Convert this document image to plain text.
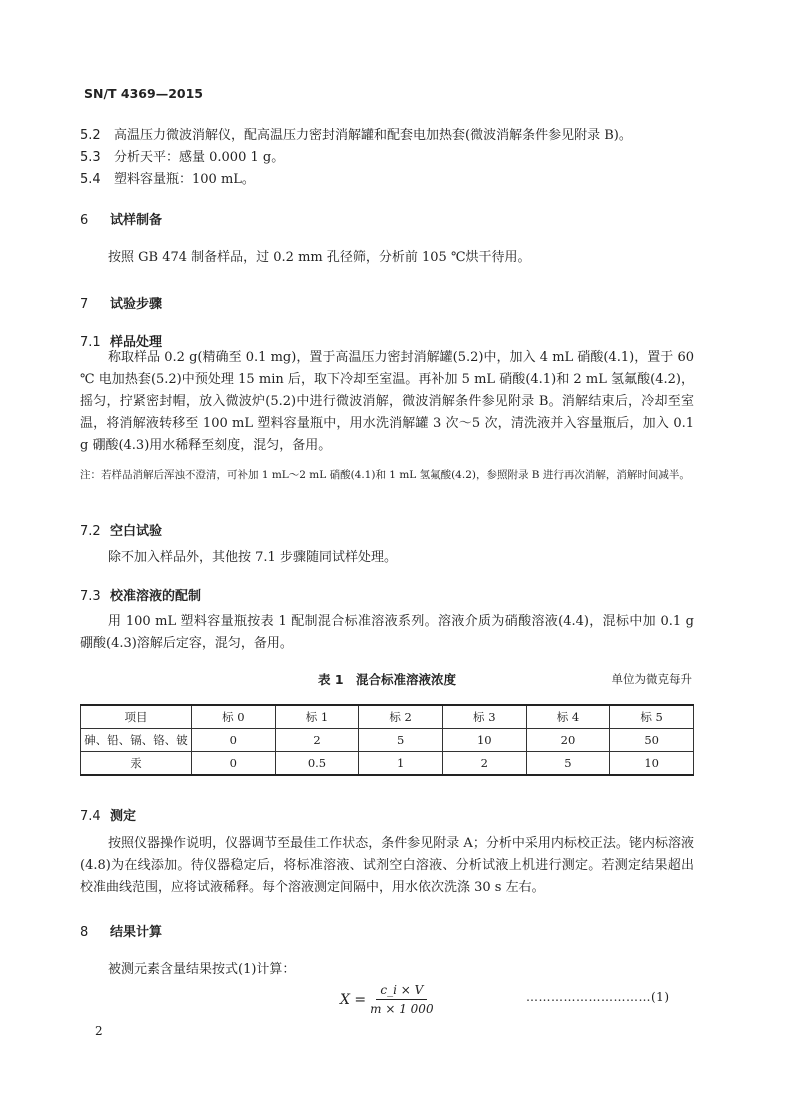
SN/T 4369—2015
5.2 高温压力微波消解仪，配高温压力密封消解罐和配套电加热套(微波消解条件参见附录 B)。
5.3 分析天平：感量 0.000 1 g。
5.4 塑料容量瓶：100 mL。
6 试样制备
按照 GB 474 制备样品，过 0.2 mm 孔径筛，分析前 105 ℃烘干待用。
7 试验步骤
7.1 样品处理
称取样品 0.2 g(精确至 0.1 mg)，置于高温压力密封消解罐(5.2)中，加入 4 mL 硝酸(4.1)，置于 60 ℃ 电加热套(5.2)中预处理 15 min 后，取下冷却至室温。再补加 5 mL 硝酸(4.1)和 2 mL 氢氟酸(4.2)，摇匀，拧紧密封帽，放入微波炉(5.2)中进行微波消解，微波消解条件参见附录 B。消解结束后，冷却至室温，将消解液转移至 100 mL 塑料容量瓶中，用水洗消解罐 3 次～5 次，清洗液并入容量瓶后，加入 0.1 g 硼酸(4.3)用水稀释至刻度，混匀，备用。
注：若样品消解后浑浊不澄清，可补加 1 mL～2 mL 硝酸(4.1)和 1 mL 氢氟酸(4.2)，参照附录 B 进行再次消解，消解时间减半。
7.2 空白试验
除不加入样品外，其他按 7.1 步骤随同试样处理。
7.3 校准溶液的配制
用 100 mL 塑料容量瓶按表 1 配制混合标准溶液系列。溶液介质为硝酸溶液(4.4)，混标中加 0.1 g 硼酸(4.3)溶解后定容，混匀，备用。
表 1　混合标准溶液浓度	单位为微克每升
项目	标 0	标 1	标 2	标 3	标 4	标 5
砷、铅、镉、铬、铍	0	2	5	10	20	50
汞	0	0.5	1	2	5	10
7.4 测定
按照仪器操作说明，仪器调节至最佳工作状态，条件参见附录 A；分析中采用内标校正法。铑内标溶液(4.8)为在线添加。待仪器稳定后，将标准溶液、试剂空白溶液、分析试液上机进行测定。若测定结果超出校准曲线范围，应将试液稀释。每个溶液测定间隔中，用水依次洗涤 30 s 左右。
8 结果计算
被测元素含量结果按式(1)计算：
$X = \frac{c\_i \times V}{m \times 1 000}$	…………………………(1)
2
